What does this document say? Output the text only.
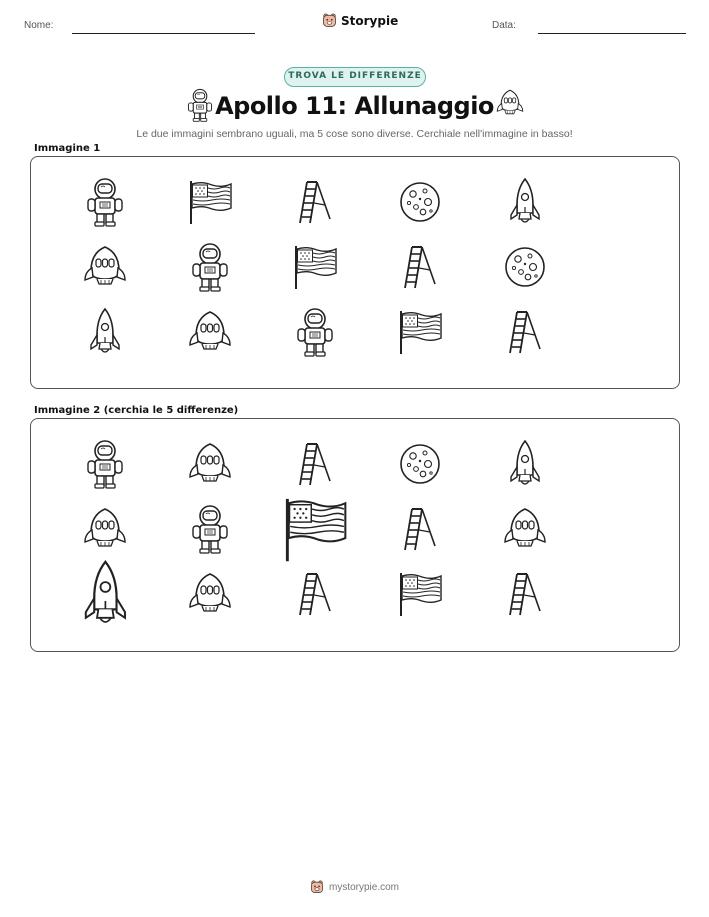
Nome:	Storypie	Data:
TROVA LE DIFFERENZE
Apollo 11: Allunaggio
Le due immagini sembrano uguali, ma 5 cose sono diverse. Cerchiale nell'immagine in basso!
Immagine 1
Immagine 2 (cerchia le 5 differenze)
mystorypie.com
